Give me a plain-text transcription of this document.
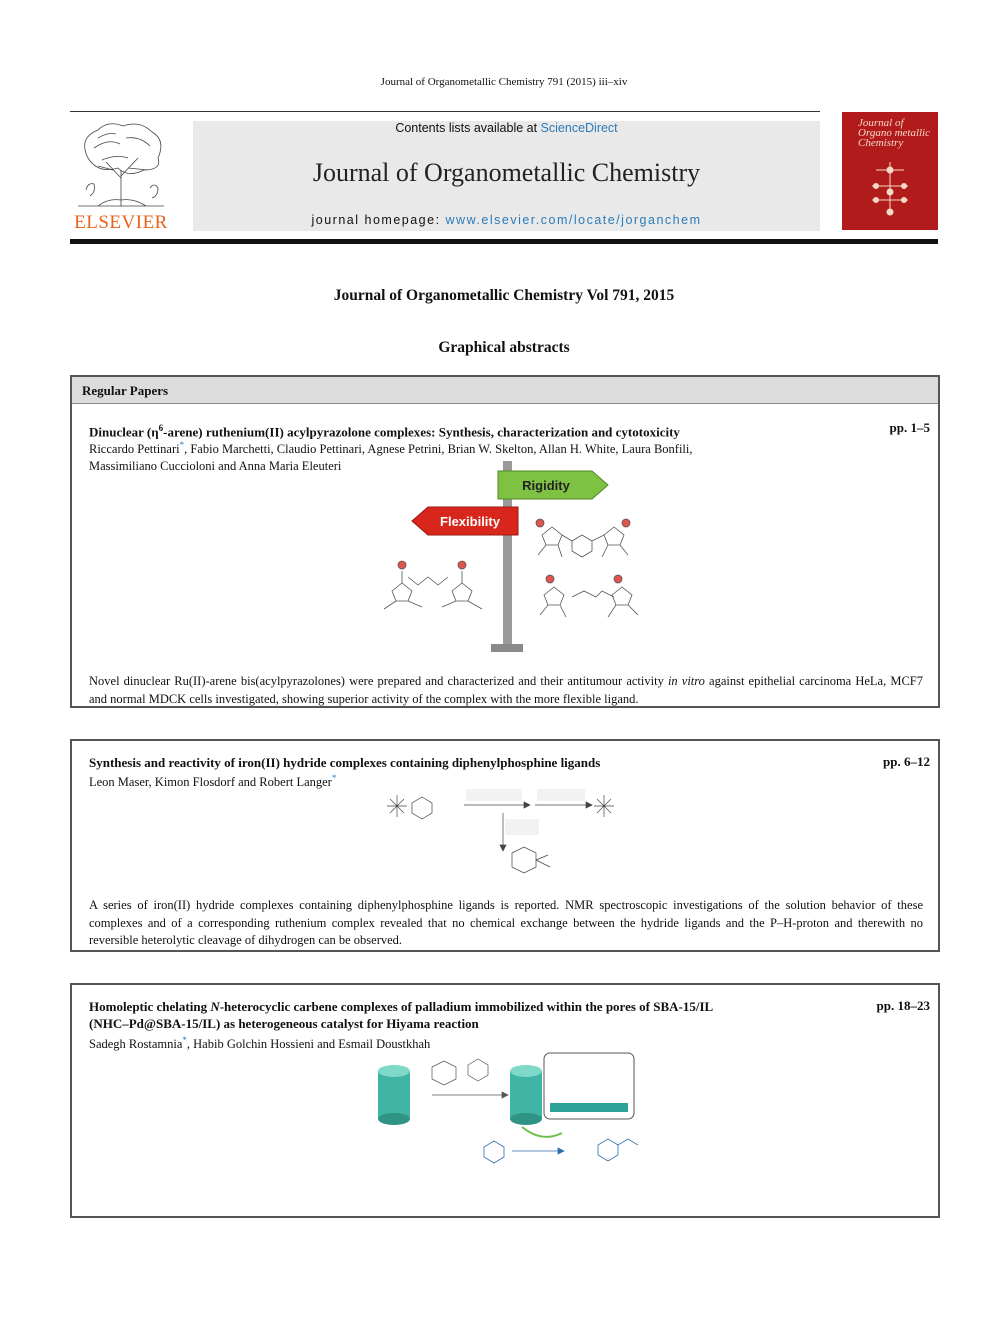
Journal of Organometallic Chemistry 791 (2015) iii–xiv
ELSEVIER
Contents lists available at ScienceDirect
Journal of Organometallic Chemistry
journal homepage: www.elsevier.com/locate/jorganchem
Journal of Organo metallic Chemistry
Journal of Organometallic Chemistry Vol 791, 2015
Graphical abstracts
Regular Papers
Dinuclear $(\eta^6-arene)$ ruthenium(II) acylpyrazolone complexes: Synthesis, characterization and cytotoxicity	pp. 1–5
Riccardo Pettinari*, Fabio Marchetti, Claudio Pettinari, Agnese Petrini, Brian W. Skelton, Allan H. White, Laura Bonfili,
Massimiliano Cuccioloni and Anna Maria Eleuteri
Rigidity
Flexibility
Novel dinuclear Ru(II)-arene bis(acylpyrazolones) were prepared and characterized and their antitumour activity in vitro against epithelial carcinoma HeLa, MCF7 and normal MDCK cells investigated, showing superior activity of the complex with the more flexible ligand.
Synthesis and reactivity of iron(II) hydride complexes containing diphenylphosphine ligands	pp. 6–12
Leon Maser, Kimon Flosdorf and Robert Langer*
A series of iron(II) hydride complexes containing diphenylphosphine ligands is reported. NMR spectroscopic investigations of the solution behavior of these complexes and of a corresponding ruthenium complex revealed that no chemical exchange between the hydride ligands and the P–H-proton and therewith no reversible heterolytic cleavage of dihydrogen can be observed.
Homoleptic chelating N-heterocyclic carbene complexes of palladium immobilized within the pores of SBA-15/IL
(NHC–Pd@SBA-15/IL) as heterogeneous catalyst for Hiyama reaction
pp. 18–23
Sadegh Rostamnia*, Habib Golchin Hossieni and Esmail Doustkhah
